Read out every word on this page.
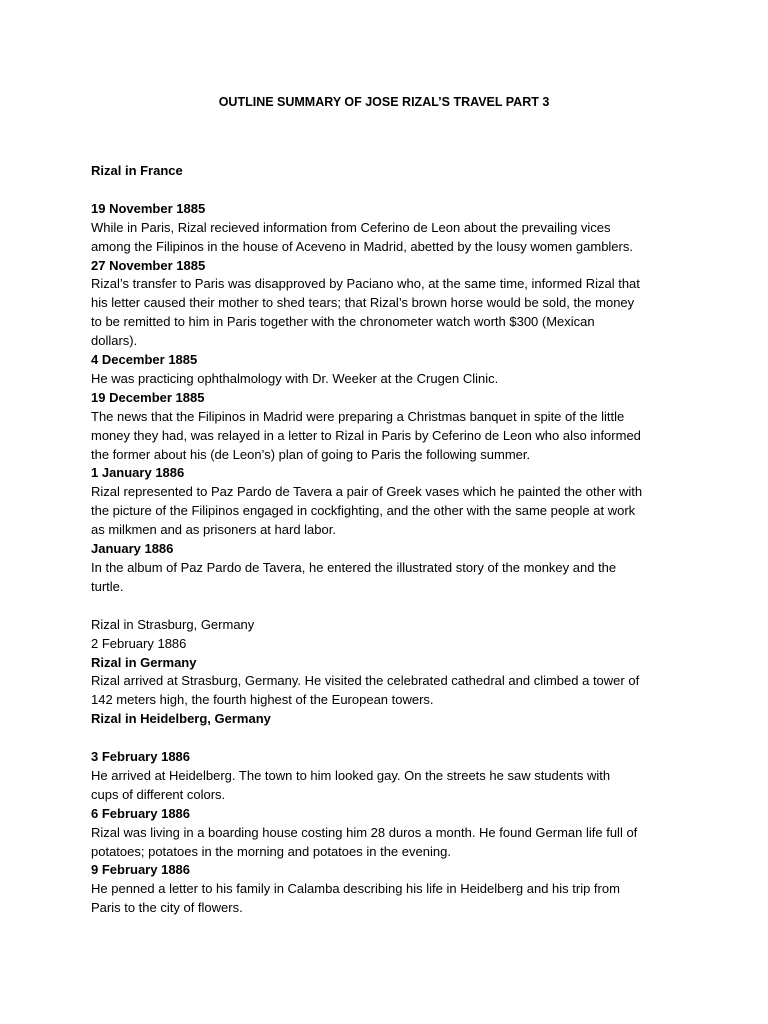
OUTLINE SUMMARY OF JOSE RIZAL’S TRAVEL PART 3
Rizal in France
19 November 1885
While in Paris, Rizal recieved information from Ceferino de Leon about the prevailing vices
among the Filipinos in the house of Aceveno in Madrid, abetted by the lousy women gamblers.
27 November 1885
Rizal’s transfer to Paris was disapproved by Paciano who, at the same time, informed Rizal that
his letter caused their mother to shed tears; that Rizal’s brown horse would be sold, the money
to be remitted to him in Paris together with the chronometer watch worth $300 (Mexican
dollars).
4 December 1885
He was practicing ophthalmology with Dr. Weeker at the Crugen Clinic.
19 December 1885
The news that the Filipinos in Madrid were preparing a Christmas banquet in spite of the little
money they had, was relayed in a letter to Rizal in Paris by Ceferino de Leon who also informed
the former about his (de Leon’s) plan of going to Paris the following summer.
1 January 1886
Rizal represented to Paz Pardo de Tavera a pair of Greek vases which he painted the other with
the picture of the Filipinos engaged in cockfighting, and the other with the same people at work
as milkmen and as prisoners at hard labor.
January 1886
In the album of Paz Pardo de Tavera, he entered the illustrated story of the monkey and the
turtle.
Rizal in Strasburg, Germany
2 February 1886
Rizal in Germany
Rizal arrived at Strasburg, Germany. He visited the celebrated cathedral and climbed a tower of
142 meters high, the fourth highest of the European towers.
Rizal in Heidelberg, Germany
3 February 1886
He arrived at Heidelberg. The town to him looked gay. On the streets he saw students with
cups of different colors.
6 February 1886
Rizal was living in a boarding house costing him 28 duros a month. He found German life full of
potatoes; potatoes in the morning and potatoes in the evening.
9 February 1886
He penned a letter to his family in Calamba describing his life in Heidelberg and his trip from
Paris to the city of flowers.
